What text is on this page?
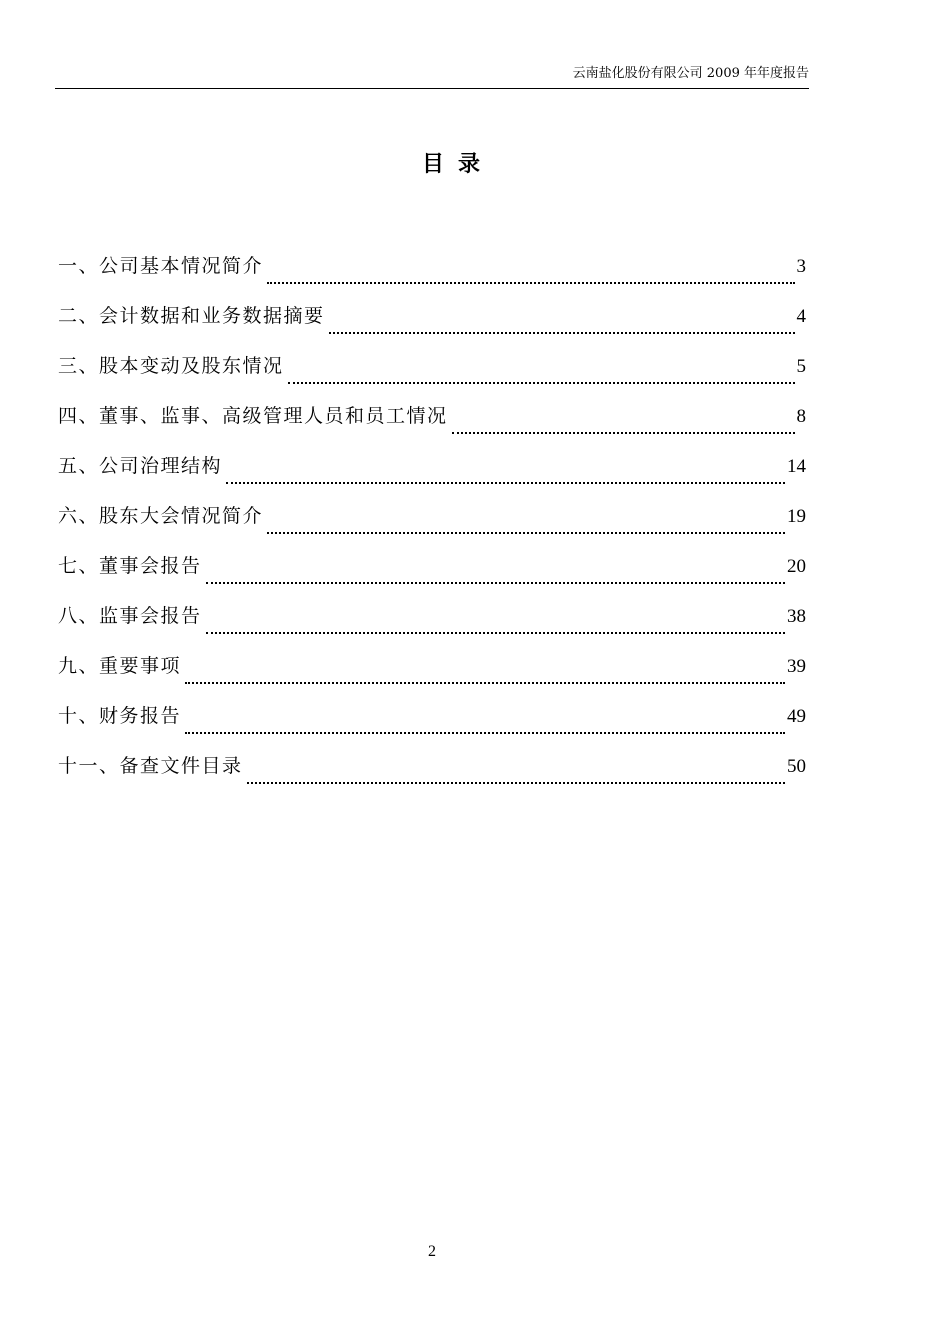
云南盐化股份有限公司 2009 年年度报告
目录
一、公司基本情况简介	3
二、会计数据和业务数据摘要	4
三、股本变动及股东情况	5
四、董事、监事、高级管理人员和员工情况	8
五、公司治理结构	14
六、股东大会情况简介	19
七、董事会报告	20
八、监事会报告	38
九、重要事项	39
十、财务报告	49
十一、备查文件目录	50
2
